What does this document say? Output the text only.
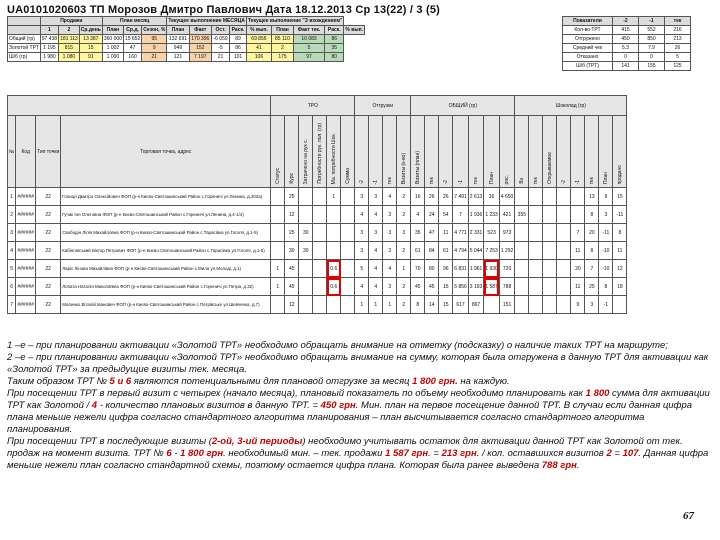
UA0101020603 ТП Морозов Дмитро Павлович Дата 18.12.2013 Ср 13(22) / 3 (5)
	Продажи			План месяц			Текущее выполнение МЕСЯЦА				Текущее выполнение "З вхождением"				
	1	2	Ср.день	План	Ср.д.	Сезон, %	План	Факт	Ост.	Раск.	% вып.	План	Факт тек.	Раск.	% вып.
Общий (гр)	97 438	181 113	13 387	360 000	15 652	95	132 691	170 396	-6 059	89	69 856	85 110	10 083	86	
Золотой ТРТ	1 195	815	15	1 002	47	9	949	152	-5	86	41	2	5	35	
Ш/б (гр)	1 980	1 080	91	1 000	160	21	121	7 197	21	101	106	175	97	80	
Показатели	-2	-1	тек
Кол-во ТРТ	415	552	216
Отгружено	450	850	213
Средний чек	5.3	7.9	26
Отказано	0	0	5
Ш/б (ТРТ)	141	155	125
				ТРО						Отгрузки				ОБЩИЙ (гр)							Шоколад (гр)							
№	Код	Тип точки	Торговая точка, адрес	Статус	Курс	Затрачено на рук с.	Потребности рук. пол. (гр)	Ма. потребности Шок.	Сумма	-2	-1	тек	Визиты (к-во)	Визиты (план)	тек	-2	-1	тек	План	рос.	Вз	тек	Открываемое	-2	-1	тек	План	продано
1	######	22	Голиця Дмитро Олексійович ФОП (р-н Києво-Святошинський Район с.Гореничі ул.Ленина, д.202а)		25			1		3	3	4	2	16	26	26	7 491	2 613	16	4 650						13	9	15
2	######	22	Гучак Інн Олеговна ФОП (р-н Києво-Святошинський Район с.Гореничі ул.Ленина, д.4-1/4)		12					4	4	3	2	4	24	54	7	1 936	1 233	421	355					8	3	-11
3	######	22	Свободін Лілія Михайловна ФОП (р-н Києво-Святошинський Район с.Тарасівка ул.Гоголя, д.1-5)		25	30				3	3	3	3	35	47	11	4 771	2 331	523	973					7	20	-11	8
4	######	22	Кабінговський Віктор Петрович ФОП (р-н Києво-Святошинський Район с.Тарасівка ул.Гоголя, д.1-5)		30	30				3	4	3	2	61	84	61	4 794	5 044	7 253	1 292					11	8	-10	11
5	######	22	Ларіс Лінова Михайлівна ФОП (р-н Києво-Святошинський Район с.Мила ул.Молоді, д.1)	1	45			0.6		5	4	4	1	70	80	96	6 831	1 961	1 930	720					20	7	-10	12
6	######	22	Лопата Наталія Миколаївна ФОП (р-н Києво-Святошинський Район с.Гореничі ул.Петра, д.32)	1	45			0.6		4	4	3	2	45	45	15	5 856	3 193	1 587	788					11	25	8	18
7	######	22	Малинко Віталій Іванович ФОП (р-н Києво-Святошинський Район с.Петрівське ул.Шевченка, д.7)		12					1	1	1	2	8	14	15	617	867		151					9	3	-1	

1 –е – при планировании активации «Золотой ТРТ» необходимо обращать внимание на отметку (подсказку) о наличие таких ТРТ на маршруте;

2 –е – при планировании активации «Золотой ТРТ» необходимо обращать внимание на сумму, которая была отгружена в данную ТРТ для активации как «Золотой ТРТ» за предыдущие визиты тек. месяца.

Таким образом ТРТ № 5 и 6 являются потенциальными для плановой отгрузке за месяц 1 800 грн. на каждую.

При посещении ТРТ в первый визит с четырех (начало месяца), плановый показатель по объему необходимо планировать как 1 800 сумма для активации ТРТ как Золотой / 4 - количество плановых визитов в данную ТРТ. = 450 грн. Мин. план на первое посещение данной ТРТ. В случаи если данная цифра плана меньше нежели цифра согласно стандартного алгоритма планирования – план высчитывается согласно стандартного алгоритма планирования.

При посещении ТРТ в последующие визиты (2-ой, 3-ий периоды) необходимо учитывать остаток для активации данной ТРТ как Золотой от тек. продаж на момент визита. ТРТ № 6 - 1 800 грн. необходимый мин. – тек. продажи 1 587 грн. = 213 грн. / кол. оставшихся визитов 2 = 107. Данная цифра меньше нежели план согласно стандартной схемы, поэтому остается цифра плана. Которая была ранее выведена 788 грн.

67
